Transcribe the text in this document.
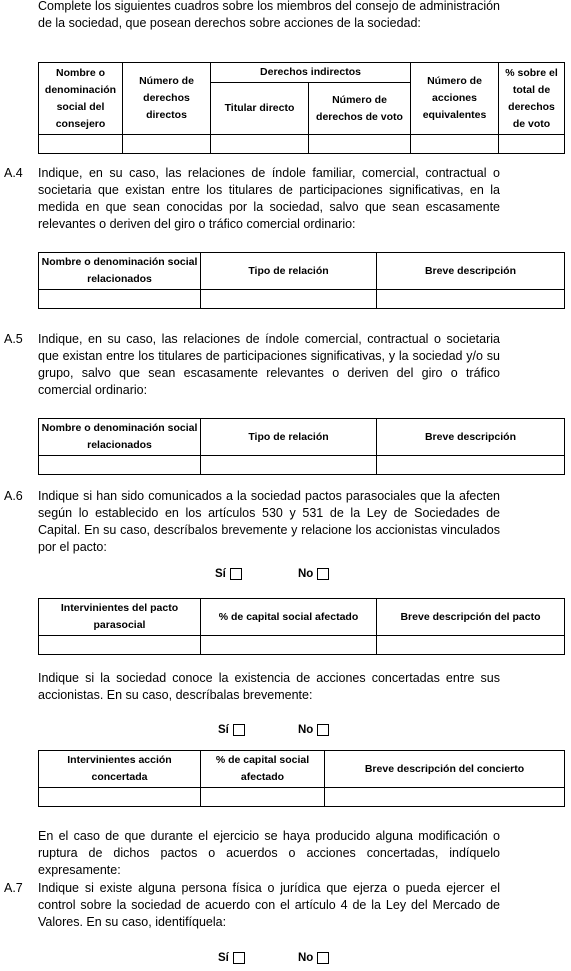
Complete los siguientes cuadros sobre los miembros del consejo de administración de la sociedad, que posean derechos sobre acciones de la sociedad:

Nombre o denominación social del consejero	Número de derechos directos	Derechos indirectos		Número de acciones equivalentes	% sobre el total de derechos de voto
		Titular directo	Número de derechos de voto		

A.4 Indique, en su caso, las relaciones de índole familiar, comercial, contractual o societaria que existan entre los titulares de participaciones significativas, en la medida en que sean conocidas por la sociedad, salvo que sean escasamente relevantes o deriven del giro o tráfico comercial ordinario:

Nombre o denominación social relacionados	Tipo de relación	Breve descripción

A.5 Indique, en su caso, las relaciones de índole comercial, contractual o societaria que existan entre los titulares de participaciones significativas, y la sociedad y/o su grupo, salvo que sean escasamente relevantes o deriven del giro o tráfico comercial ordinario:

Nombre o denominación social relacionados	Tipo de relación	Breve descripción

A.6 Indique si han sido comunicados a la sociedad pactos parasociales que la afecten según lo establecido en los artículos 530 y 531 de la Ley de Sociedades de Capital. En su caso, descríbalos brevemente y relacione los accionistas vinculados por el pacto:

Sí	No
Intervinientes del pacto parasocial	% de capital social afectado	Breve descripción del pacto

Indique si la sociedad conoce la existencia de acciones concertadas entre sus accionistas. En su caso, descríbalas brevemente:

Sí	No
Intervinientes acción concertada	% de capital social afectado	Breve descripción del concierto

En el caso de que durante el ejercicio se haya producido alguna modificación o ruptura de dichos pactos o acuerdos o acciones concertadas, indíquelo expresamente:

A.7 Indique si existe alguna persona física o jurídica que ejerza o pueda ejercer el control sobre la sociedad de acuerdo con el artículo 4 de la Ley del Mercado de Valores. En su caso, identifíquela:

Sí	No
